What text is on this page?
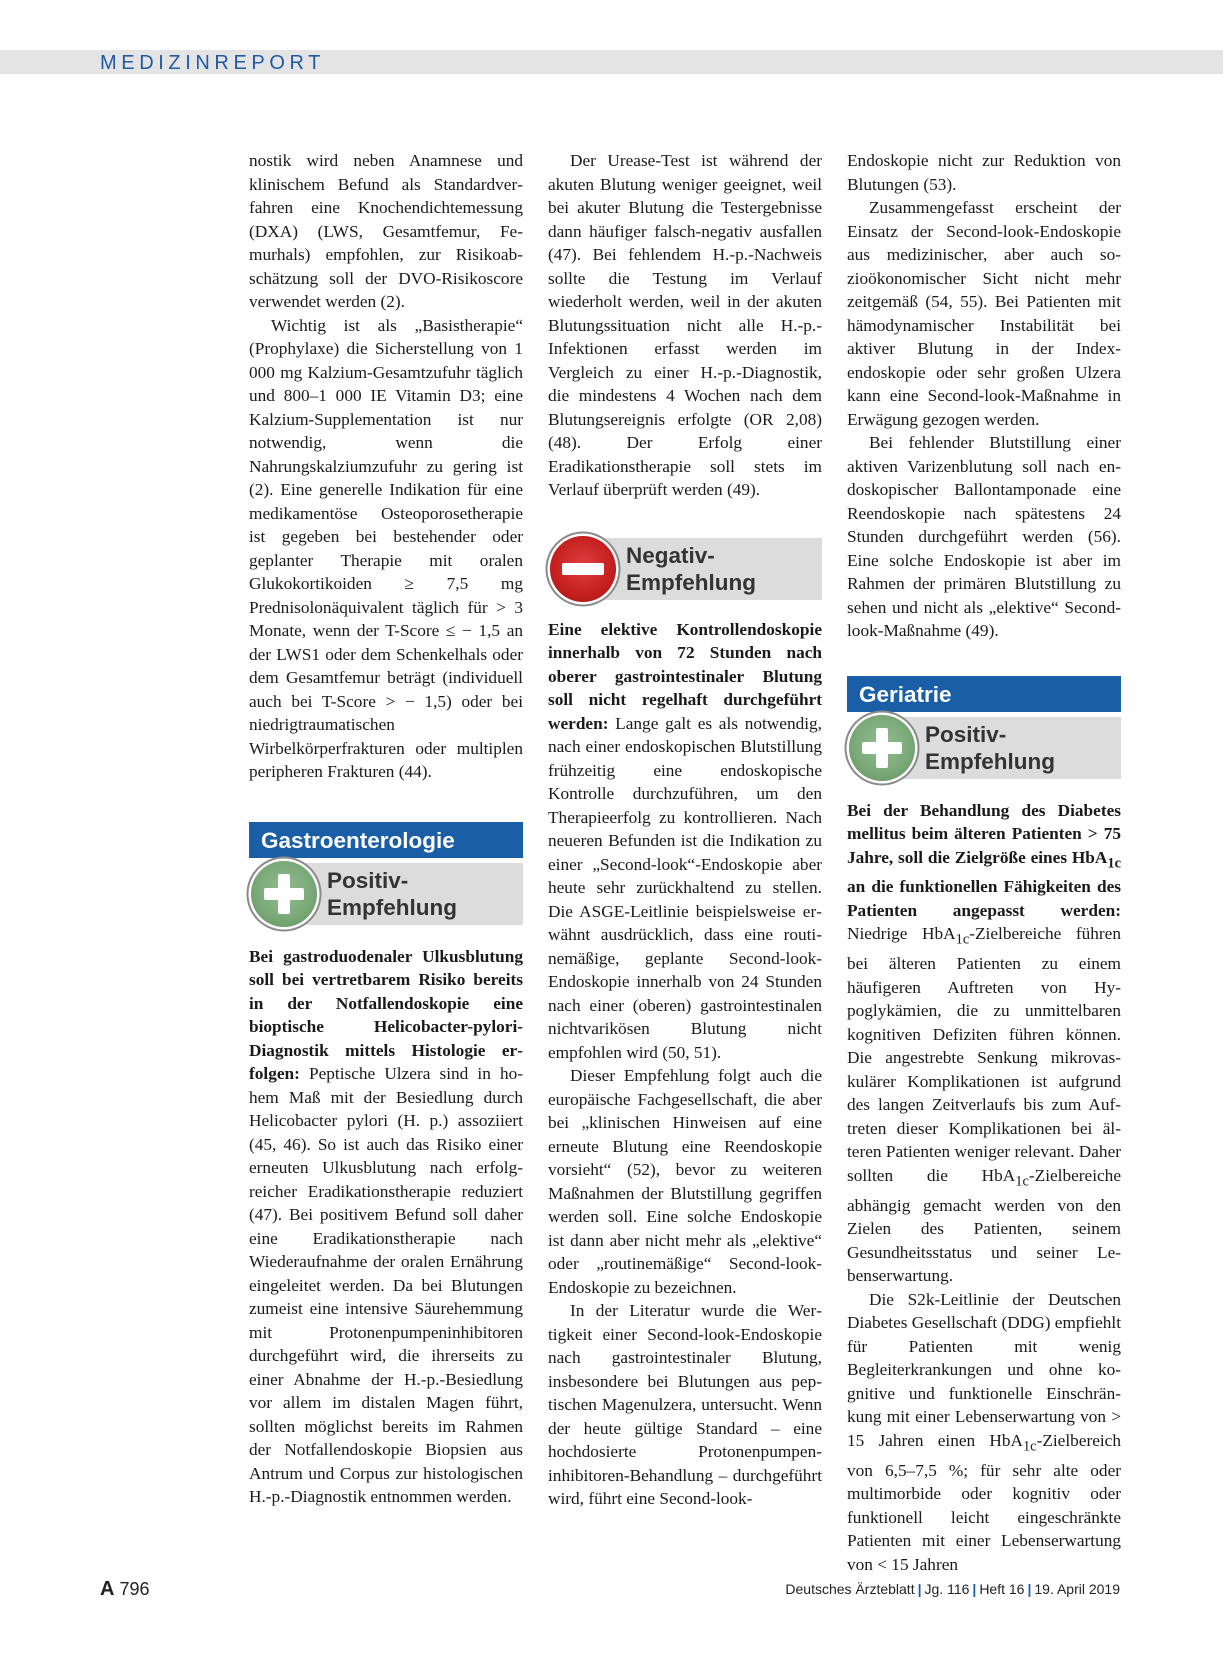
MEDIZINREPORT

nostik wird neben Anamnese und klinischem Befund als Standardverfahren eine Knochendichtemessung (DXA) (LWS, Gesamtfemur, Femurhals) empfohlen, zur Risikoabschätzung soll der DVO-Risikoscore verwendet werden (2).

Wichtig ist als „Basistherapie“ (Prophylaxe) die Sicherstellung von 1 000 mg Kalzium-Gesamtzufuhr täglich und 800–1 000 IE Vitamin D3; eine Kalzium-Supplementation ist nur notwendig, wenn die Nahrungskalziumzufuhr zu gering ist (2). Eine generelle Indikation für eine medikamentöse Osteoporosetherapie ist gegeben bei bestehender oder geplanter Therapie mit oralen Glukokortikoiden ≥ 7,5 mg Prednisolonäquivalent täglich für > 3 Monate, wenn der T-Score ≤ − 1,5 an der LWS1 oder dem Schenkelhals oder dem Gesamtfemur beträgt (individuell auch bei T-Score > − 1,5) oder bei niedrigtraumatischen Wirbelkörperfrakturen oder multiplen peripheren Frakturen (44).

Gastroenterologie
Positiv-
Empfehlung

Bei gastroduodenaler Ulkusblutung soll bei vertretbarem Risiko bereits in der Notfallendoskopie eine bioptische Helicobacter-pylori-Diagnostik mittels Histologie erfolgen: Peptische Ulzera sind in hohem Maß mit der Besiedlung durch Helicobacter pylori (H. p.) assoziiert (45, 46). So ist auch das Risiko einer erneuten Ulkusblutung nach erfolgreicher Eradikationstherapie reduziert (47). Bei positivem Befund soll daher eine Eradikationstherapie nach Wiederaufnahme der oralen Ernährung eingeleitet werden. Da bei Blutungen zumeist eine intensive Säurehemmung mit Protonenpumpeninhibitoren durchgeführt wird, die ihrerseits zu einer Abnahme der H.-p.-Besiedlung vor allem im distalen Magen führt, sollten möglichst bereits im Rahmen der Notfallendoskopie Biopsien aus Antrum und Corpus zur histologischen H.-p.-Diagnostik entnommen werden.

Der Urease-Test ist während der akuten Blutung weniger geeignet, weil bei akuter Blutung die Testergebnisse dann häufiger falsch-negativ ausfallen (47). Bei fehlendem H.-p.-Nachweis sollte die Testung im Verlauf wiederholt werden, weil in der akuten Blutungssituation nicht alle H.-p.-Infektionen erfasst werden im Vergleich zu einer H.-p.-Diagnostik, die mindestens 4 Wochen nach dem Blutungsereignis erfolgte (OR 2,08) (48). Der Erfolg einer Eradikationstherapie soll stets im Verlauf überprüft werden (49).

Negativ-
Empfehlung

Eine elektive Kontrollendoskopie innerhalb von 72 Stunden nach oberer gastrointestinaler Blutung soll nicht regelhaft durchgeführt werden: Lange galt es als notwendig, nach einer endoskopischen Blutstillung frühzeitig eine endoskopische Kontrolle durchzuführen, um den Therapieerfolg zu kontrollieren. Nach neueren Befunden ist die Indikation zu einer „Second-look“-Endoskopie aber heute sehr zurückhaltend zu stellen. Die ASGE-Leitlinie beispielsweise erwähnt ausdrücklich, dass eine routinemäßige, geplante Second-look-Endoskopie innerhalb von 24 Stunden nach einer (oberen) gastrointestinalen nichtvarikösen Blutung nicht empfohlen wird (50, 51).

Dieser Empfehlung folgt auch die europäische Fachgesellschaft, die aber bei „klinischen Hinweisen auf eine erneute Blutung eine Reendoskopie vorsieht“ (52), bevor zu weiteren Maßnahmen der Blutstillung gegriffen werden soll. Eine solche Endoskopie ist dann aber nicht mehr als „elektive“ oder „routinemäßige“ Second-look-Endoskopie zu bezeichnen.

In der Literatur wurde die Wertigkeit einer Second-look-Endoskopie nach gastrointestinaler Blutung, insbesondere bei Blutungen aus peptischen Magenulzera, untersucht. Wenn der heute gültige Standard – eine hochdosierte Protonenpumpeninhibitoren-Behandlung – durchgeführt wird, führt eine Second-look-

Endoskopie nicht zur Reduktion von Blutungen (53).

Zusammengefasst erscheint der Einsatz der Second-look-Endoskopie aus medizinischer, aber auch sozioökonomischer Sicht nicht mehr zeitgemäß (54, 55). Bei Patienten mit hämodynamischer Instabilität bei aktiver Blutung in der Indexendoskopie oder sehr großen Ulzera kann eine Second-look-Maßnahme in Erwägung gezogen werden.

Bei fehlender Blutstillung einer aktiven Varizenblutung soll nach endoskopischer Ballontamponade eine Reendoskopie nach spätestens 24 Stunden durchgeführt werden (56). Eine solche Endoskopie ist aber im Rahmen der primären Blutstillung zu sehen und nicht als „elektive“ Second-look-Maßnahme (49).

Geriatrie
Positiv-
Empfehlung

Bei der Behandlung des Diabetes mellitus beim älteren Patienten > 75 Jahre, soll die Zielgröße eines HbA$_{1c}$ an die funktionellen Fähigkeiten des Patienten angepasst werden: Niedrige HbA$_{1c}$-Zielbereiche führen bei älteren Patienten zu einem häufigeren Auftreten von Hypoglykämien, die zu unmittelbaren kognitiven Defiziten führen können. Die angestrebte Senkung mikrovaskulärer Komplikationen ist aufgrund des langen Zeitverlaufs bis zum Auftreten dieser Komplikationen bei älteren Patienten weniger relevant. Daher sollten die HbA$_{1c}$-Zielbereiche abhängig gemacht werden von den Zielen des Patienten, seinem Gesundheitsstatus und seiner Lebenserwartung.

Die S2k-Leitlinie der Deutschen Diabetes Gesellschaft (DDG) empfiehlt für Patienten mit wenig Begleiterkrankungen und ohne kognitive und funktionelle Einschränkung mit einer Lebenserwartung von > 15 Jahren einen HbA$_{1c}$-Zielbereich von 6,5–7,5 %; für sehr alte oder multimorbide oder kognitiv oder funktionell leicht eingeschränkte Patienten mit einer Lebenserwartung von < 15 Jahren

A 796	Deutsches Ärzteblatt | Jg. 116 | Heft 16 | 19. April 2019
